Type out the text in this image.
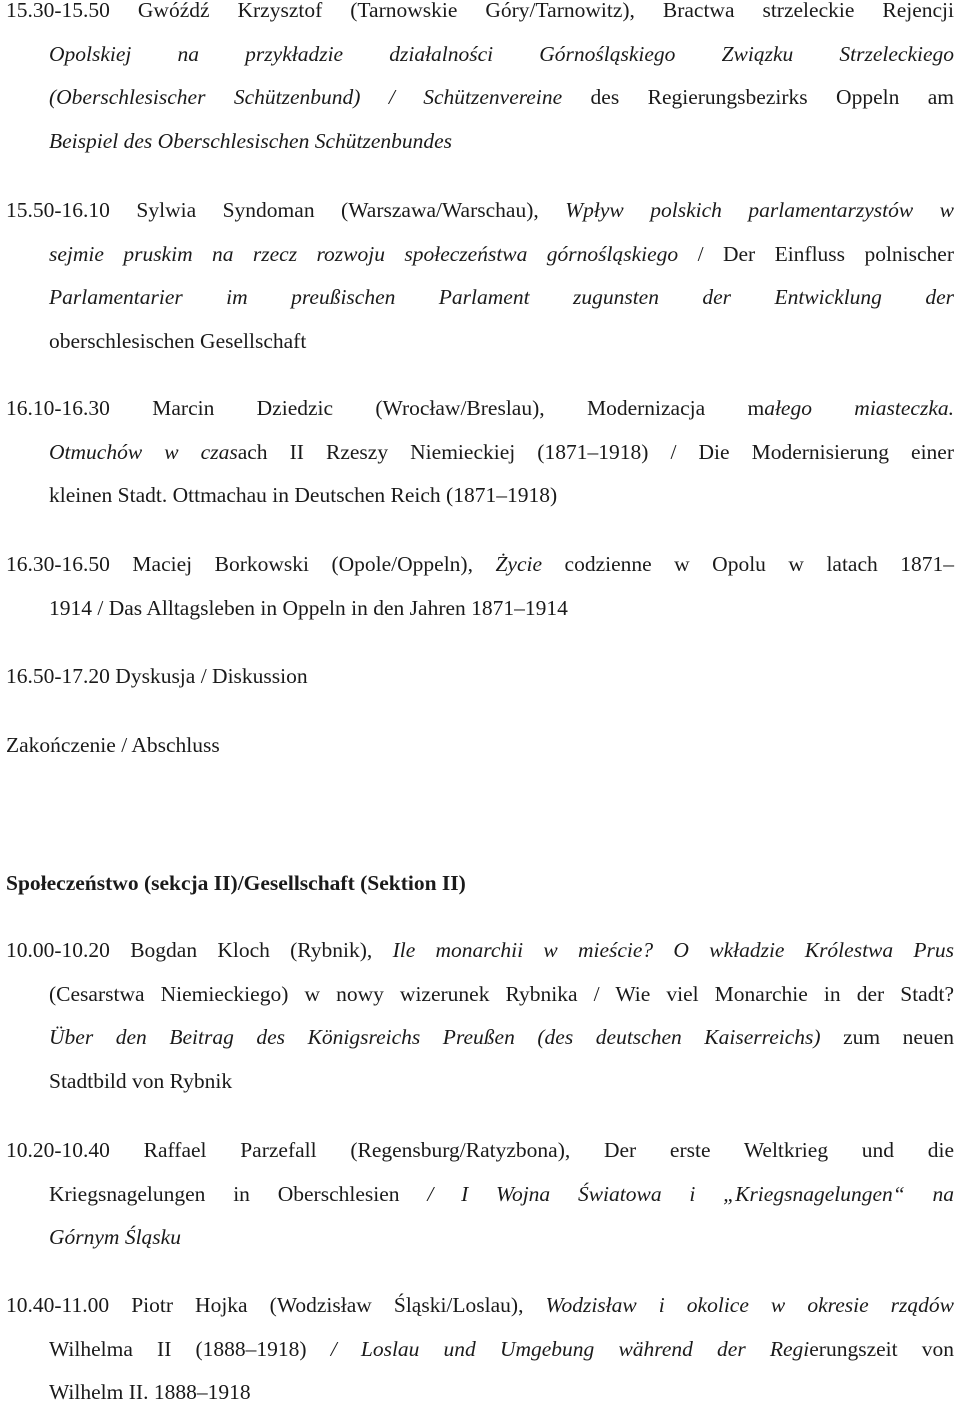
15.30-15.50 Gwóźdź Krzysztof (Tarnowskie Góry/Tarnowitz), Bractwa strzeleckie Rejencji

Opolskiej na przykładzie działalności Górnośląskiego Związku Strzeleckiego

(Oberschlesischer Schützenbund) / Schützenvereine des Regierungsbezirks Oppeln am

Beispiel des Oberschlesischen Schützenbundes

15.50-16.10 Sylwia Syndoman (Warszawa/Warschau), Wpływ polskich parlamentarzystów w

sejmie pruskim na rzecz rozwoju społeczeństwa górnośląskiego / Der Einfluss polnischer

Parlamentarier im preußischen Parlament zugunsten der Entwicklung der

oberschlesischen Gesellschaft

16.10-16.30 Marcin Dziedzic (Wrocław/Breslau), Modernizacja małego miasteczka.

Otmuchów w czasach II Rzeszy Niemieckiej (1871–1918) / Die Modernisierung einer

kleinen Stadt. Ottmachau in Deutschen Reich (1871–1918)

16.30-16.50 Maciej Borkowski (Opole/Oppeln), Życie codzienne w Opolu w latach 1871–

1914 / Das Alltagsleben in Oppeln in den Jahren 1871–1914

16.50-17.20 Dyskusja / Diskussion

Zakończenie / Abschluss
Społeczeństwo (sekcja II)/Gesellschaft (Sektion II)

10.00-10.20 Bogdan Kloch (Rybnik), Ile monarchii w mieście? O wkładzie Królestwa Prus

(Cesarstwa Niemieckiego) w nowy wizerunek Rybnika / Wie viel Monarchie in der Stadt?

Über den Beitrag des Königsreichs Preußen (des deutschen Kaiserreichs) zum neuen

Stadtbild von Rybnik

10.20-10.40 Raffael Parzefall (Regensburg/Ratyzbona), Der erste Weltkrieg und die

Kriegsnagelungen in Oberschlesien / I Wojna Światowa i „Kriegsnagelungen“ na

Górnym Śląsku

10.40-11.00 Piotr Hojka (Wodzisław Śląski/Loslau), Wodzisław i okolice w okresie rządów

Wilhelma II (1888–1918) / Loslau und Umgebung während der Regierungszeit von

Wilhelm II. 1888–1918
